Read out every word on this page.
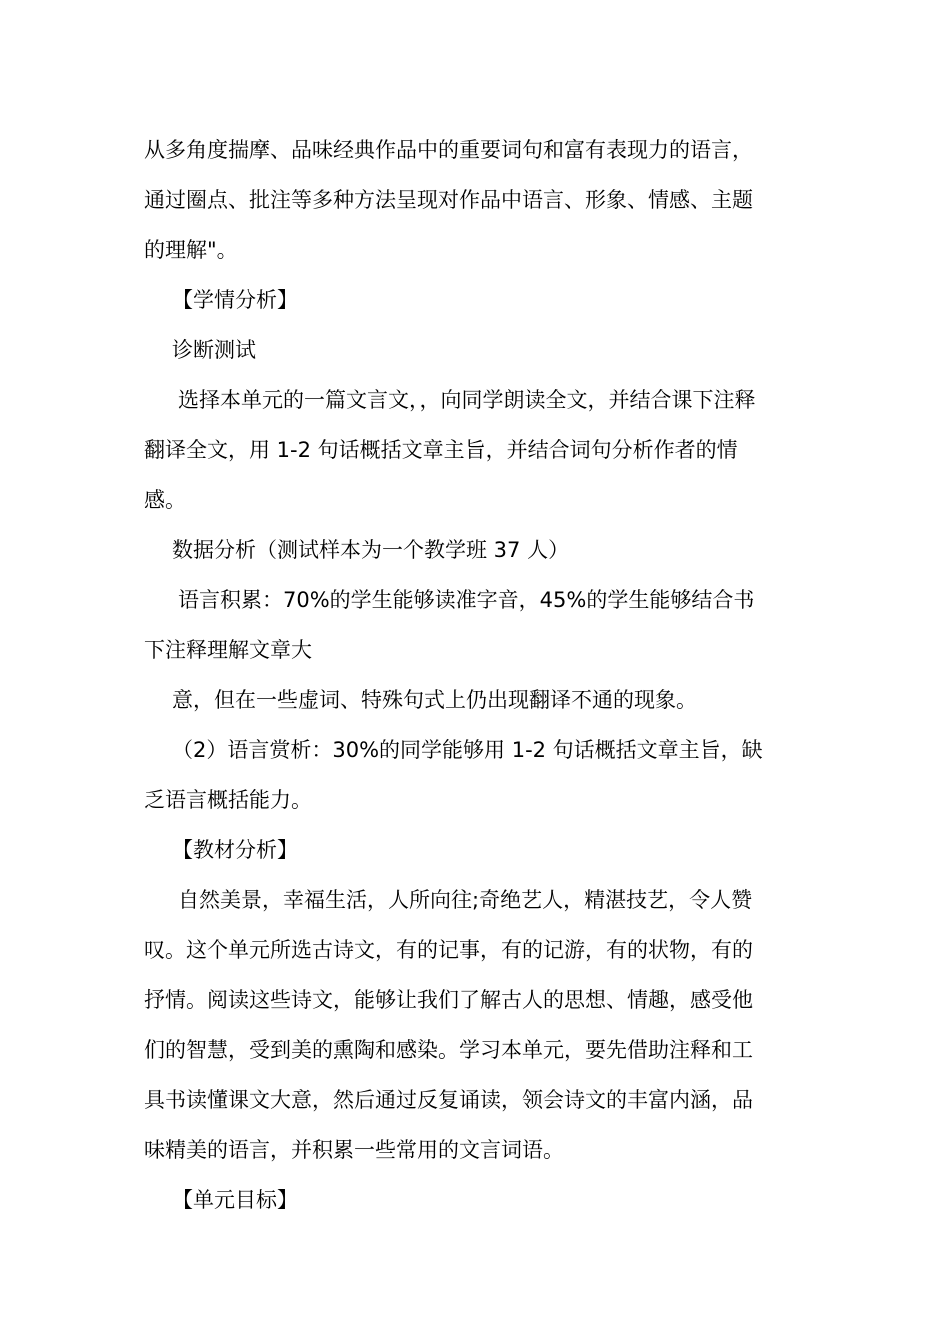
从多角度揣摩、品味经典作品中的重要词句和富有表现力的语言，
通过圈点、批注等多种方法呈现对作品中语言、形象、情感、主题
的理解"。
【学情分析】
诊断测试
选择本单元的一篇文言文，，向同学朗读全文，并结合课下注释
翻译全文，用 1-2 句话概括文章主旨，并结合词句分析作者的情
感。
数据分析（测试样本为一个教学班 37 人）
语言积累：70%的学生能够读准字音，45%的学生能够结合书
下注释理解文章大
意，但在一些虚词、特殊句式上仍出现翻译不通的现象。
（2）语言赏析：30%的同学能够用 1-2 句话概括文章主旨，缺
乏语言概括能力。
【教材分析】
自然美景，幸福生活，人所向往;奇绝艺人，精湛技艺，令人赞
叹。这个单元所选古诗文，有的记事，有的记游，有的状物，有的
抒情。阅读这些诗文，能够让我们了解古人的思想、情趣，感受他
们的智慧，受到美的熏陶和感染。学习本单元，要先借助注释和工
具书读懂课文大意，然后通过反复诵读，领会诗文的丰富内涵，品
味精美的语言，并积累一些常用的文言词语。
【单元目标】
